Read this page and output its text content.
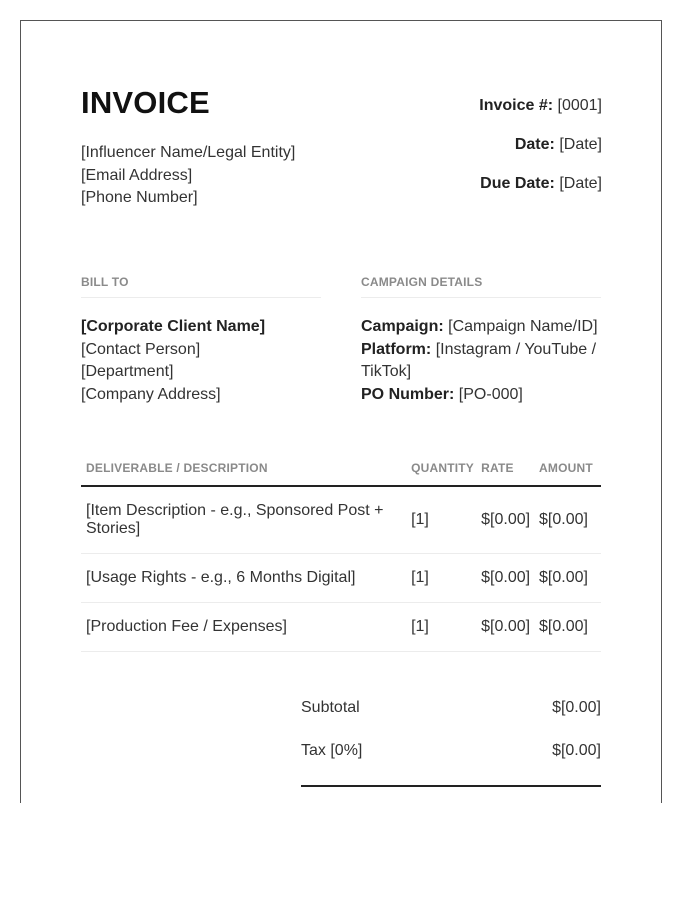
INVOICE
[Influencer Name/Legal Entity]
[Email Address]
[Phone Number]
Invoice #: [0001]
Date: [Date]
Due Date: [Date]
BILL TO
[Corporate Client Name]
[Contact Person]
[Department]
[Company Address]
CAMPAIGN DETAILS
Campaign: [Campaign Name/ID]
Platform: [Instagram / YouTube / TikTok]
PO Number: [PO-000]
DELIVERABLE / DESCRIPTION	QUANTITY	RATE	AMOUNT

[Item Description - e.g., Sponsored Post + Stories]	[1]	$[0.00]	$[0.00]

[Usage Rights - e.g., 6 Months Digital]	[1]	$[0.00]	$[0.00]

[Production Fee / Expenses]	[1]	$[0.00]	$[0.00]
Subtotal	$[0.00]
Tax [0%]	$[0.00]
